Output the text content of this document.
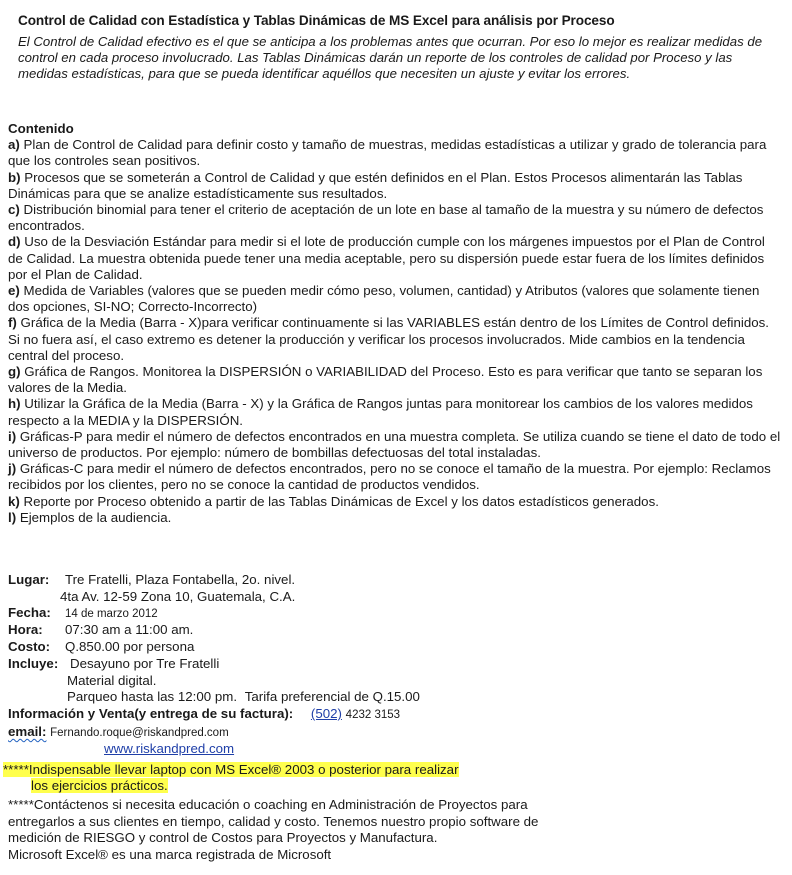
Control de Calidad con Estadística y Tablas Dinámicas de MS Excel para análisis por Proceso
El Control de Calidad efectivo es el que se anticipa a los problemas antes que ocurran. Por eso lo mejor es realizar medidas de control en cada proceso involucrado. Las Tablas Dinámicas darán un reporte de los controles de calidad por Proceso y las medidas estadísticas, para que se pueda identificar aquéllos que necesiten un ajuste y evitar los errores.
Contenido

a) Plan de Control de Calidad para definir costo y tamaño de muestras, medidas estadísticas a utilizar y grado de tolerancia para que los controles sean positivos.

b) Procesos que se someterán a Control de Calidad y que estén definidos en el Plan. Estos Procesos alimentarán las Tablas Dinámicas para que se analize estadísticamente sus resultados.

c) Distribución binomial para tener el criterio de aceptación de un lote en base al tamaño de la muestra y su número de defectos encontrados.

d) Uso de la Desviación Estándar para medir si el lote de producción cumple con los márgenes impuestos por el Plan de Control de Calidad. La muestra obtenida puede tener una media aceptable, pero su dispersión puede estar fuera de los límites definidos por el Plan de Calidad.

e) Medida de Variables (valores que se pueden medir cómo peso, volumen, cantidad) y Atributos (valores que solamente tienen dos opciones, SI-NO; Correcto-Incorrecto)

f) Gráfica de la Media (Barra - X)para verificar continuamente si las VARIABLES están dentro de los Límites de Control definidos. Si no fuera así, el caso extremo es detener la producción y verificar los procesos involucrados. Mide cambios en la tendencia central del proceso.

g) Gráfica de Rangos. Monitorea la DISPERSIÓN o VARIABILIDAD del Proceso. Esto es para verificar que tanto se separan los valores de la Media.

h) Utilizar la Gráfica de la Media (Barra - X) y la Gráfica de Rangos juntas para monitorear los cambios de los valores medidos respecto a la MEDIA y la DISPERSIÓN.

i) Gráficas-P para medir el número de defectos encontrados en una muestra completa. Se utiliza cuando se tiene el dato de todo el universo de productos. Por ejemplo: número de bombillas defectuosas del total instaladas.

j) Gráficas-C para medir el número de defectos encontrados, pero no se conoce el tamaño de la muestra. Por ejemplo: Reclamos recibidos por los clientes, pero no se conoce la cantidad de productos vendidos.

k) Reporte por Proceso obtenido a partir de las Tablas Dinámicas de Excel y los datos estadísticos generados.

l) Ejemplos de la audiencia.

Lugar: Tre Fratelli, Plaza Fontabella, 2o. nivel.
4ta Av. 12-59 Zona 10, Guatemala, C.A.
Fecha: 14 de marzo 2012
Hora: 07:30 am a 11:00 am.
Costo: Q.850.00 por persona
Incluye: Desayuno por Tre Fratelli
Material digital.
Parqueo hasta las 12:00 pm. Tarifa preferencial de Q.15.00
Información y Venta(y entrega de su factura): (502) 4232 3153
email: Fernando.roque@riskandpred.com
www.riskandpred.com
*****Indispensable llevar laptop con MS Excel® 2003 o posterior para realizar
los ejercicios prácticos.
*****Contáctenos si necesita educación o coaching en Administración de Proyectos para
entregarlos a sus clientes en tiempo, calidad y costo. Tenemos nuestro propio software de
medición de RIESGO y control de Costos para Proyectos y Manufactura.
Microsoft Excel® es una marca registrada de Microsoft
